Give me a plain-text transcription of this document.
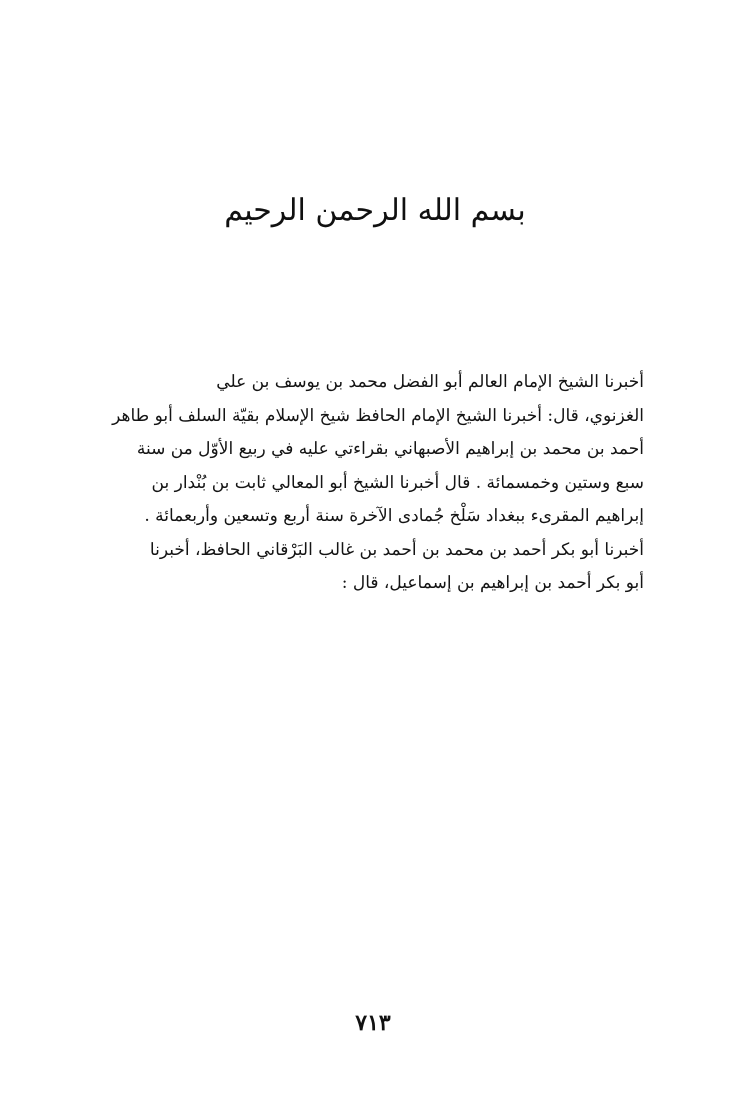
بسم الله الرحمن الرحيم

أخبرنا الشيخ الإمام العالم أبو الفضل محمد بن يوسف بن علي
الغزنوي، قال: أخبرنا الشيخ الإمام الحافظ شيخ الإسلام بقيّة السلف أبو طاهر
أحمد بن محمد بن إبراهيم الأصبهاني بقراءتي عليه في ربيع الأوّل من سنة
سبع وستين وخمسمائة . قال أخبرنا الشيخ أبو المعالي ثابت بن بُنْدار بن
إبراهيم المقرىء ببغداد سَلْخ جُمادى الآخرة سنة أربع وتسعين وأربعمائة .
أخبرنا أبو بكر أحمد بن محمد بن أحمد بن غالب البَرْقاني الحافظ، أخبرنا
أبو بكر أحمد بن إبراهيم بن إسماعيل، قال :

٧١٣
